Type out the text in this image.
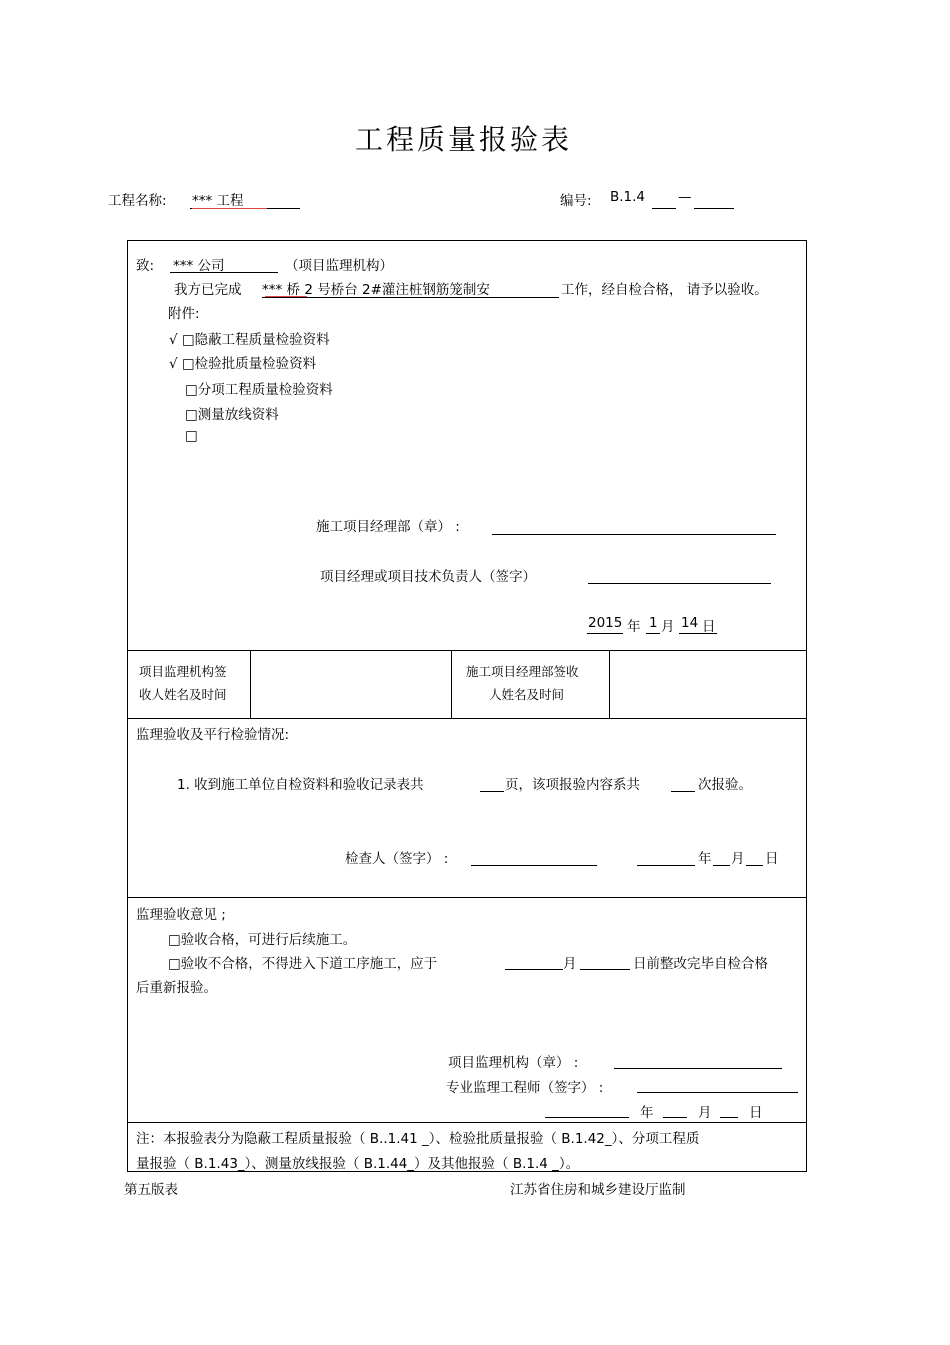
工程质量报验表
工程名称: *** 工程	编号: B.1.4 —
致: *** 公司	（项目监理机构）
我方已完成 *** 桥 2 号桥台 2#灌注桩钢筋笼制安	工作，经自检合格， 请予以验收。
附件:
√ □隐蔽工程质量检验资料
√ □检验批质量检验资料
□分项工程质量检验资料
□测量放线资料
□
施工项目经理部（章） :
项目经理或项目技术负责人（签字）
2015 年 1 月 14 日
项目监理机构签
收人姓名及时间
施工项目经理部签收
人姓名及时间
监理验收及平行检验情况:
1. 收到施工单位自检资料和验收记录表共	页，该项报验内容系共	次报验。
检查人（签字） :	年 月 日
监理验收意见 ;
□验收合格，可进行后续施工。
□验收不合格，不得进入下道工序施工，应于	月	日前整改完毕自检合格
后重新报验。
项目监理机构（章） :
专业监理工程师（签字） :
年	月	日
注：本报验表分为隐蔽工程质量报验（ B..1.41 _）、检验批质量报验（ B.1.42_）、分项工程质
量报验（ B.1.43_）、测量放线报验（ B.1.44_）及其他报验（ B.1.4 _）。
第五版表	江苏省住房和城乡建设厅监制
